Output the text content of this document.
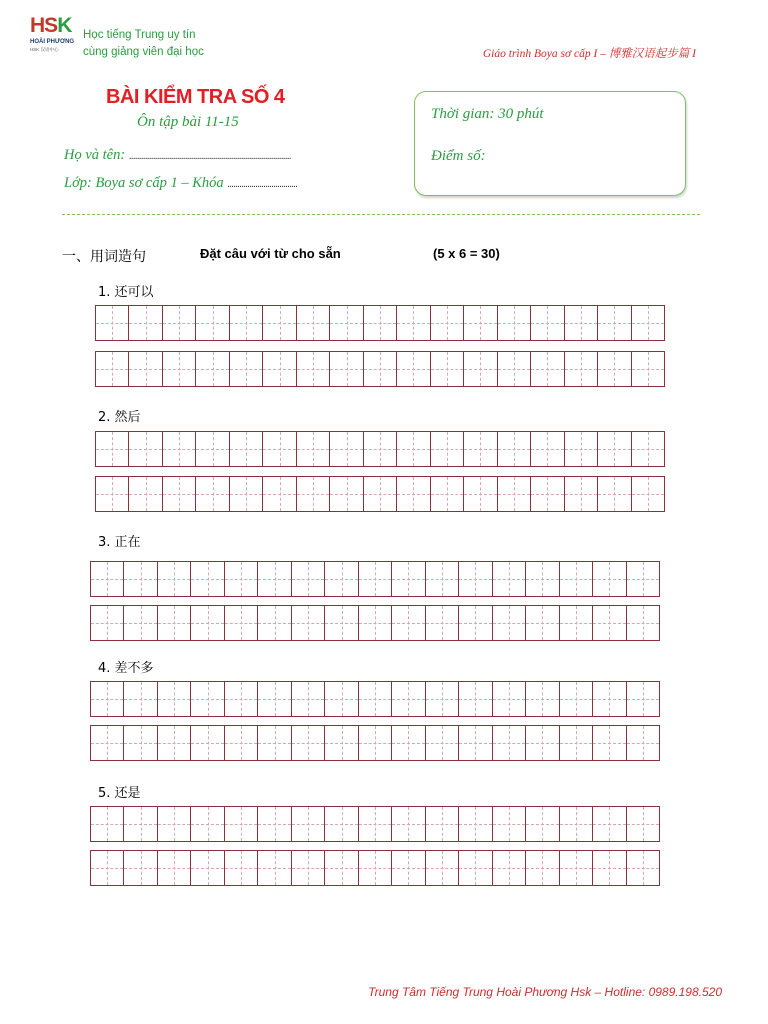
HSK
HOÀI PHƯƠNG
HSK 汉语中心
Học tiếng Trung uy tín
cùng giảng viên đại học	Giáo trình Boya sơ cấp I – 博雅汉语起步篇 I
BÀI KIỂM TRA SỐ 4
Ôn tập bài 11-15
Họ và tên: .................................................................................
Lớp: Boya sơ cấp 1 – Khóa ...................................
Thời gian: 30 phút
Điểm số:
一、用词造句	Đặt câu với từ cho sẵn	(5 x 6 = 30)
1. 还可以
2. 然后
3. 正在
4. 差不多
5. 还是
Trung Tâm Tiếng Trung Hoài Phương Hsk – Hotline: 0989.198.520
